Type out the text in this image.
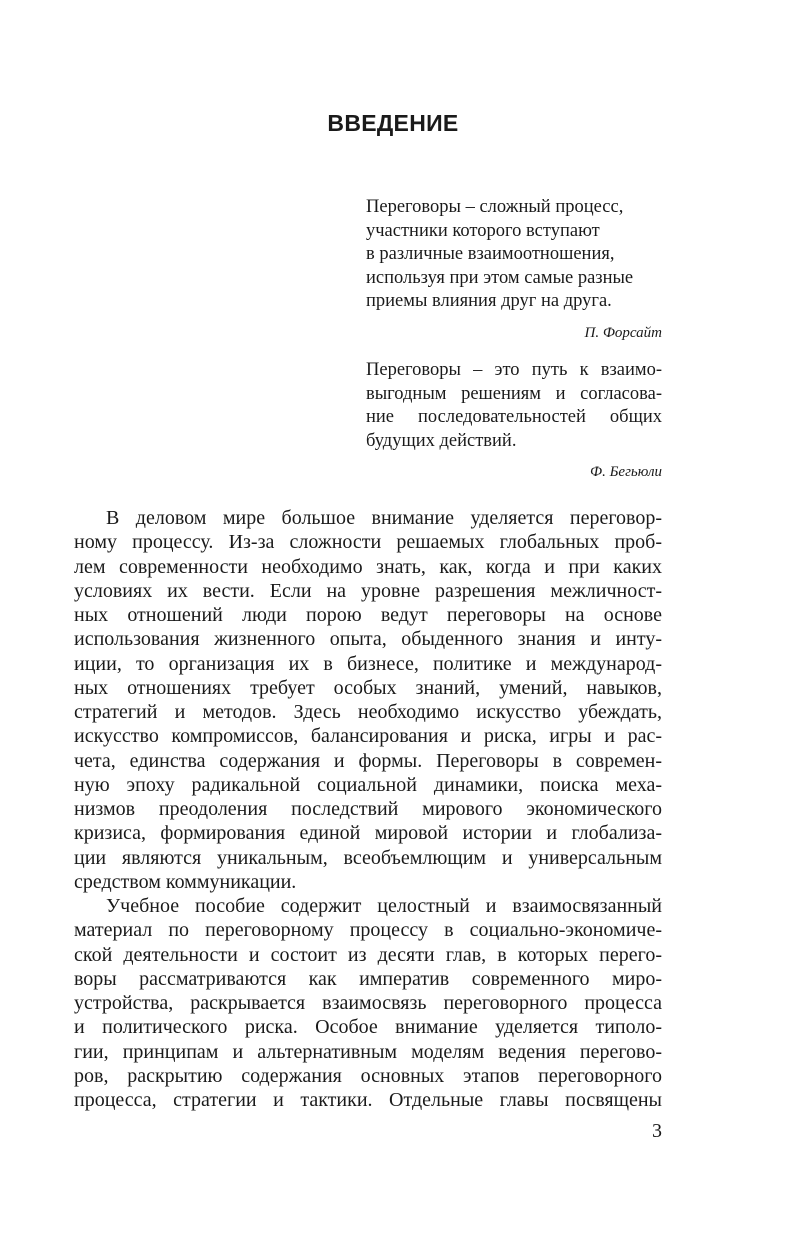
ВВЕДЕНИЕ
Переговоры – сложный процесс,
участники которого вступают
в различные взаимоотношения,
используя при этом самые разные
приемы влияния друг на друга.
П. Форсайт
Переговоры – это путь к взаимо-
выгодным решениям и согласова-
ние последовательностей общих
будущих действий.
Ф. Бегьюли
В деловом мире большое внимание уделяется переговор-
ному процессу. Из-за сложности решаемых глобальных проб-
лем современности необходимо знать, как, когда и при каких
условиях их вести. Если на уровне разрешения межличност-
ных отношений люди порою ведут переговоры на основе
использования жизненного опыта, обыденного знания и инту-
иции, то организация их в бизнесе, политике и международ-
ных отношениях требует особых знаний, умений, навыков,
стратегий и методов. Здесь необходимо искусство убеждать,
искусство компромиссов, балансирования и риска, игры и рас-
чета, единства содержания и формы. Переговоры в современ-
ную эпоху радикальной социальной динамики, поиска меха-
низмов преодоления последствий мирового экономического
кризиса, формирования единой мировой истории и глобализа-
ции являются уникальным, всеобъемлющим и универсальным
средством коммуникации.
Учебное пособие содержит целостный и взаимосвязанный
материал по переговорному процессу в социально-экономиче-
ской деятельности и состоит из десяти глав, в которых перего-
воры рассматриваются как императив современного миро-
устройства, раскрывается взаимосвязь переговорного процесса
и политического риска. Особое внимание уделяется типоло-
гии, принципам и альтернативным моделям ведения перегово-
ров, раскрытию содержания основных этапов переговорного
процесса, стратегии и тактики. Отдельные главы посвящены
3
